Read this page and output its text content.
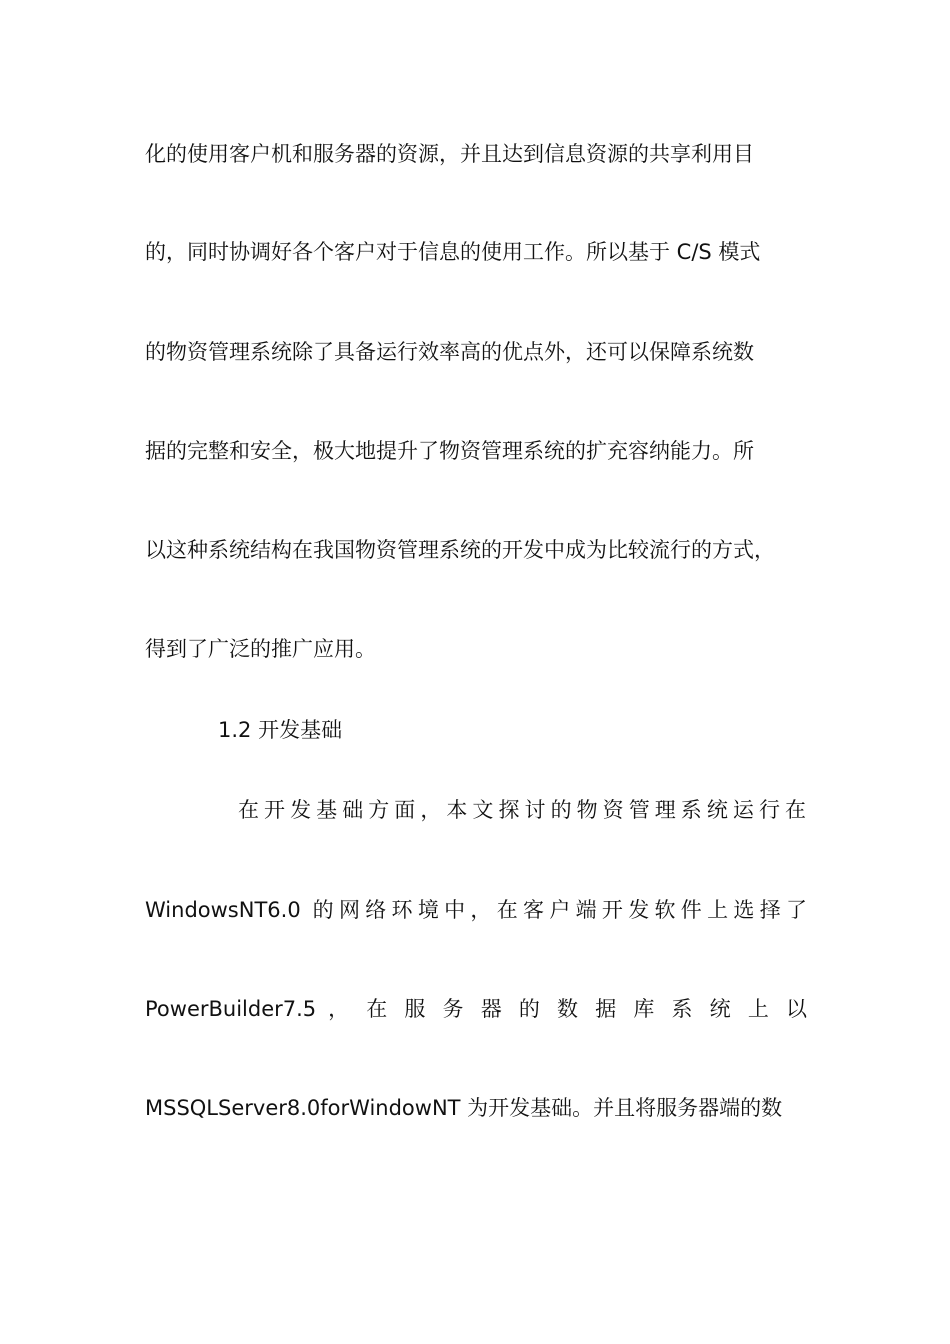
化的使用客户机和服务器的资源，并且达到信息资源的共享利用目
的，同时协调好各个客户对于信息的使用工作。所以基于 C/S 模式
的物资管理系统除了具备运行效率高的优点外，还可以保障系统数
据的完整和安全，极大地提升了物资管理系统的扩充容纳能力。所
以这种系统结构在我国物资管理系统的开发中成为比较流行的方式，
得到了广泛的推广应用。
1.2 开发基础
在开发基础方面，本文探讨的物资管理系统运行在
WindowsNT6.0 的网络环境中，在客户端开发软件上选择了
PowerBuilder7.5 ， 在 服 务 器 的 数 据 库 系 统 上 以
MSSQLServer8.0forWindowNT 为开发基础。并且将服务器端的数
